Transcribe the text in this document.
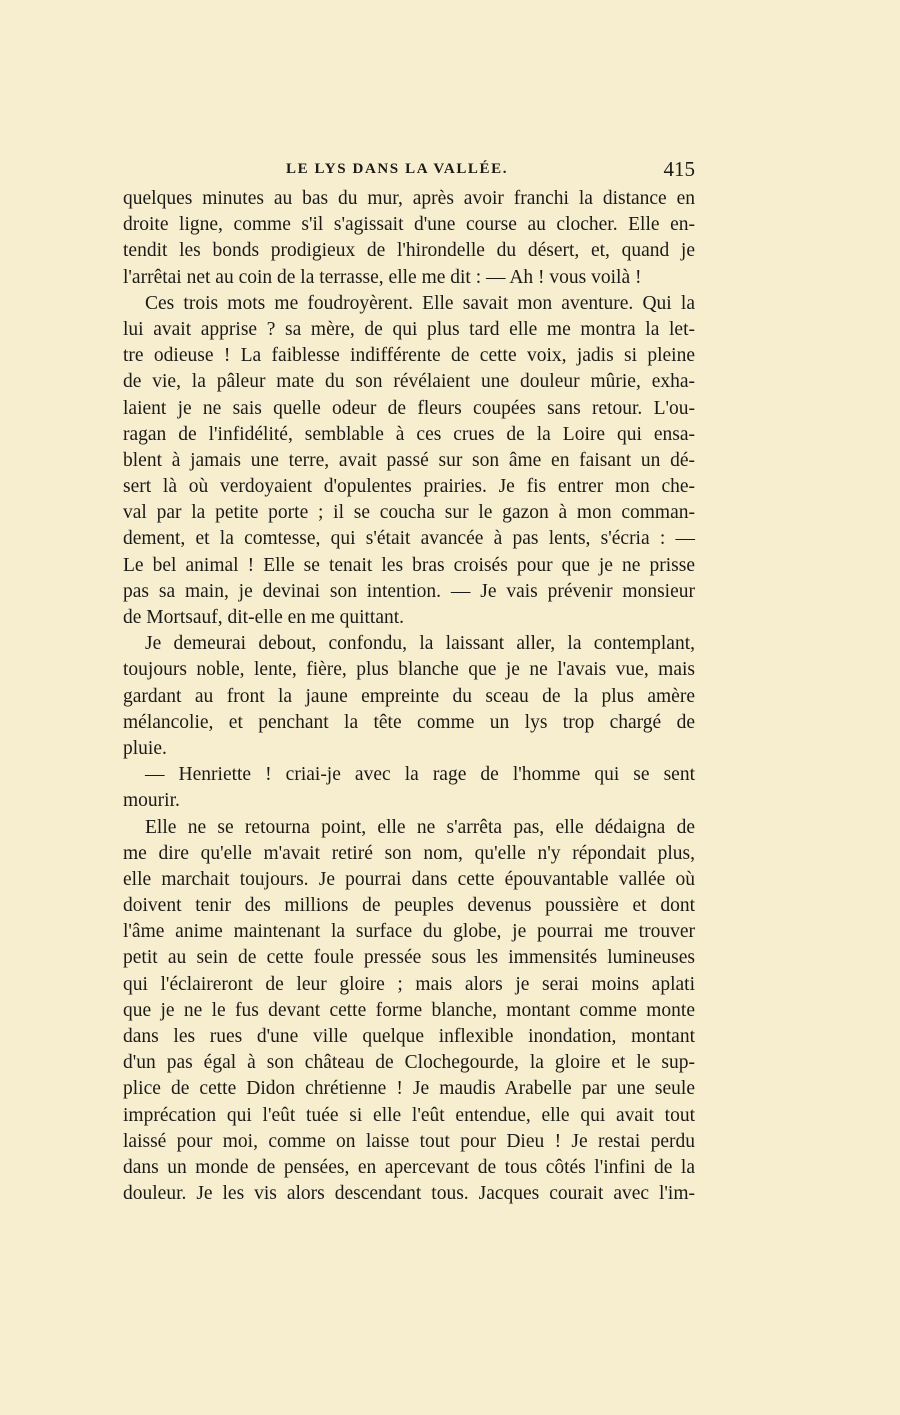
LE LYS DANS LA VALLÉE.	415
quelques minutes au bas du mur, après avoir franchi la distance en
droite ligne, comme s'il s'agissait d'une course au clocher. Elle en-
tendit les bonds prodigieux de l'hirondelle du désert, et, quand je
l'arrêtai net au coin de la terrasse, elle me dit : — Ah ! vous voilà !
Ces trois mots me foudroyèrent. Elle savait mon aventure. Qui la
lui avait apprise ? sa mère, de qui plus tard elle me montra la let-
tre odieuse ! La faiblesse indifférente de cette voix, jadis si pleine
de vie, la pâleur mate du son révélaient une douleur mûrie, exha-
laient je ne sais quelle odeur de fleurs coupées sans retour. L'ou-
ragan de l'infidélité, semblable à ces crues de la Loire qui ensa-
blent à jamais une terre, avait passé sur son âme en faisant un dé-
sert là où verdoyaient d'opulentes prairies. Je fis entrer mon che-
val par la petite porte ; il se coucha sur le gazon à mon comman-
dement, et la comtesse, qui s'était avancée à pas lents, s'écria : —
Le bel animal ! Elle se tenait les bras croisés pour que je ne prisse
pas sa main, je devinai son intention. — Je vais prévenir monsieur
de Mortsauf, dit-elle en me quittant.
Je demeurai debout, confondu, la laissant aller, la contemplant,
toujours noble, lente, fière, plus blanche que je ne l'avais vue, mais
gardant au front la jaune empreinte du sceau de la plus amère
mélancolie, et penchant la tête comme un lys trop chargé de
pluie.
— Henriette ! criai-je avec la rage de l'homme qui se sent
mourir.
Elle ne se retourna point, elle ne s'arrêta pas, elle dédaigna de
me dire qu'elle m'avait retiré son nom, qu'elle n'y répondait plus,
elle marchait toujours. Je pourrai dans cette épouvantable vallée où
doivent tenir des millions de peuples devenus poussière et dont
l'âme anime maintenant la surface du globe, je pourrai me trouver
petit au sein de cette foule pressée sous les immensités lumineuses
qui l'éclaireront de leur gloire ; mais alors je serai moins aplati
que je ne le fus devant cette forme blanche, montant comme monte
dans les rues d'une ville quelque inflexible inondation, montant
d'un pas égal à son château de Clochegourde, la gloire et le sup-
plice de cette Didon chrétienne ! Je maudis Arabelle par une seule
imprécation qui l'eût tuée si elle l'eût entendue, elle qui avait tout
laissé pour moi, comme on laisse tout pour Dieu ! Je restai perdu
dans un monde de pensées, en apercevant de tous côtés l'infini de la
douleur. Je les vis alors descendant tous. Jacques courait avec l'im-
